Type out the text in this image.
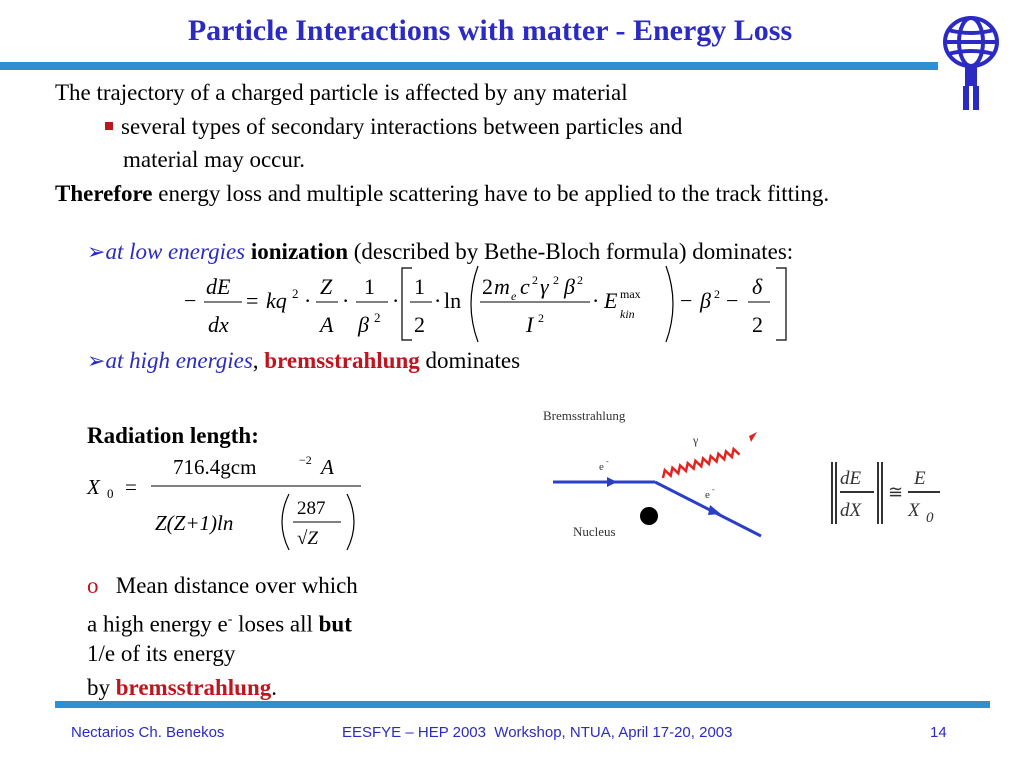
Particle Interactions with matter - Energy Loss
The trajectory of a charged particle is affected by any material
several types of secondary interactions between particles and
material may occur.
Therefore energy loss and multiple scattering have to be applied to the track fitting.
➢at low energies ionization (described by Bethe-Bloch formula) dominates:
−
dE
dx
= kq 2 ·
Z
A
·
1
β 2
·
1
2
· ln
2 m e c 2 γ 2 β 2
I 2
· E max
kin
− β 2 −
δ
2
➢at high energies, bremsstrahlung dominates
Radiation length:
X 0 =
716.4gcm	−2 A
Z(Z+1)ln
287
√Z
o Mean distance over which
a high energy e- loses all but
1/e of its energy
by bremsstrahlung.
Bremsstrahlung
e -
e -
γ
Nucleus
dE
dX
≅
E
X 0
Nectarios Ch. Benekos	EESFYE – HEP 2003  Workshop, NTUA, April 17-20, 2003	14
